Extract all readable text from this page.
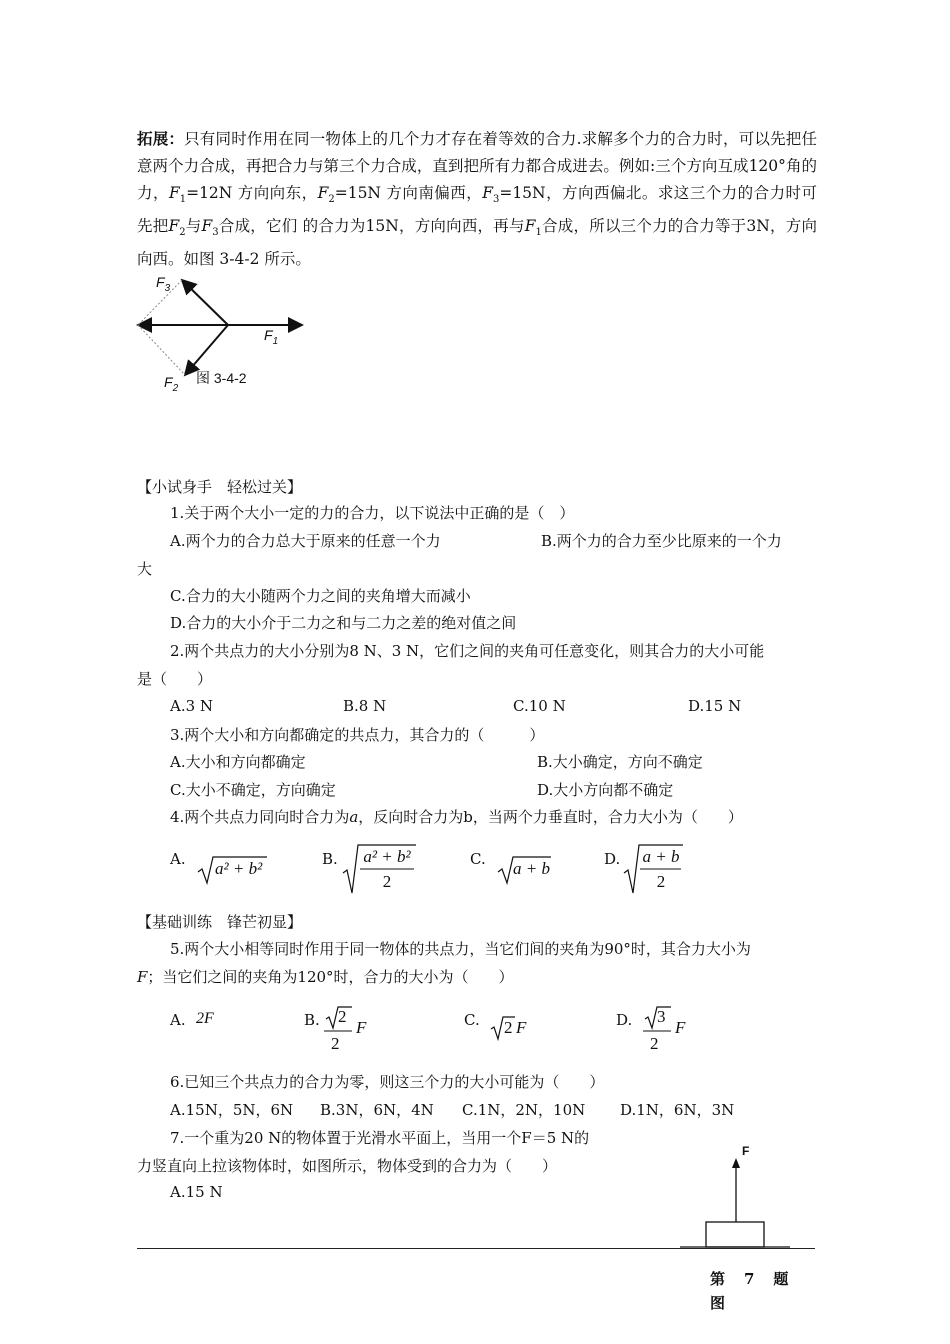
拓展：只有同时作用在同一物体上的几个力才存在着等效的合力.求解多个力的合力时，可以先把任意两个力合成，再把合力与第三个力合成，直到把所有力都合成进去。例如:三个方向互成120°角的力，$F_1=12N$ 方向向东，$F_2=15N$ 方向南偏西，$F_3=15N$，方向西偏北。求这三个力的合力时可先把$F_2$与$F_3$合成，它们 的合力为15N，方向向西，再与$F_1$合成，所以三个力的合力等于3N，方向向西。如图 3-4-2 所示。
$F_3$
$F_1$
$F_2$
图 3-4-2
【小试身手　轻松过关】
1.关于两个大小一定的力的合力，以下说法中正确的是（　）
A.两个力的合力总大于原来的任意一个力	B.两个力的合力至少比原来的一个力
大
C.合力的大小随两个力之间的夹角增大而减小
D.合力的大小介于二力之和与二力之差的绝对值之间
2.两个共点力的大小分别为8 N、3 N，它们之间的夹角可任意变化，则其合力的大小可能
是（　　）
A.3 N	B.8 N	C.10 N	D.15 N
3.两个大小和方向都确定的共点力，其合力的（　　　）
A.大小和方向都确定	B.大小确定，方向不确定
C.大小不确定，方向确定	D.大小方向都不确定
4.两个共点力同向时合力为a，反向时合力为b，当两个力垂直时，合力大小为（　　）
A. a² + b²	B.	a² + b²
2
C. a + b	D.	a + b
2
【基础训练　锋芒初显】
5.两个大小相等同时作用于同一物体的共点力，当它们间的夹角为90°时，其合力大小为
F；当它们之间的夹角为120°时，合力的大小为（　　）
A. 2F	B. 2
2
F	C. 2 F	D. 3
2
F
6.已知三个共点力的合力为零，则这三个力的大小可能为（　　）
A.15N，5N，6N B.3N，6N，4N C.1N，2N，10N D.1N，6N，3N
7.一个重为20 N的物体置于光滑水平面上，当用一个F＝5 N的
力竖直向上拉该物体时，如图所示，物体受到的合力为（　　）
A.15 N
F
第　7　题
图
